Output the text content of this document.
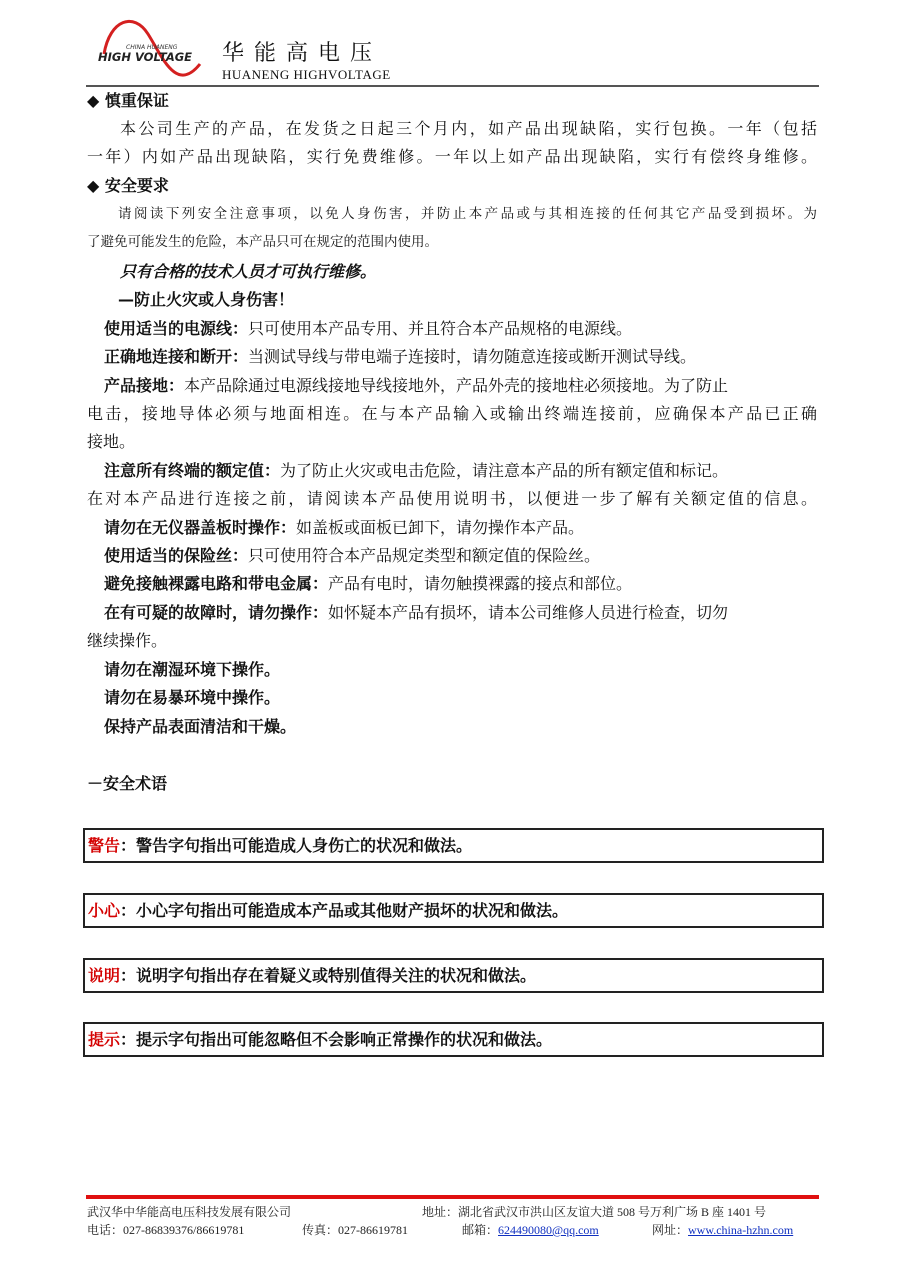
CHINA HUANENG
HIGH VOLTAGE 华能高电压
HUANENG HIGHVOLTAGE
◆ 慎重保证
本公司生产的产品，在发货之日起三个月内，如产品出现缺陷，实行包换。一年（包括
一年）内如产品出现缺陷，实行免费维修。一年以上如产品出现缺陷，实行有偿终身维修。
◆ 安全要求
请阅读下列安全注意事项，以免人身伤害，并防止本产品或与其相连接的任何其它产品受到损坏。为
了避免可能发生的危险，本产品只可在规定的范围内使用。
只有合格的技术人员才可执行维修。
—防止火灾或人身伤害！
使用适当的电源线：只可使用本产品专用、并且符合本产品规格的电源线。
正确地连接和断开：当测试导线与带电端子连接时，请勿随意连接或断开测试导线。
产品接地：本产品除通过电源线接地导线接地外，产品外壳的接地柱必须接地。为了防止
电击，接地导体必须与地面相连。在与本产品输入或输出终端连接前，应确保本产品已正确
接地。
注意所有终端的额定值：为了防止火灾或电击危险，请注意本产品的所有额定值和标记。
在对本产品进行连接之前，请阅读本产品使用说明书，以便进一步了解有关额定值的信息。
请勿在无仪器盖板时操作：如盖板或面板已卸下，请勿操作本产品。
使用适当的保险丝：只可使用符合本产品规定类型和额定值的保险丝。
避免接触裸露电路和带电金属：产品有电时，请勿触摸裸露的接点和部位。
在有可疑的故障时，请勿操作：如怀疑本产品有损坏，请本公司维修人员进行检查，切勿
继续操作。
请勿在潮湿环境下操作。
请勿在易暴环境中操作。
保持产品表面清洁和干燥。
－安全术语
警告：警告字句指出可能造成人身伤亡的状况和做法。
小心：小心字句指出可能造成本产品或其他财产损坏的状况和做法。
说明：说明字句指出存在着疑义或特别值得关注的状况和做法。
提示：提示字句指出可能忽略但不会影响正常操作的状况和做法。
武汉华中华能高电压科技发展有限公司	地址：湖北省武汉市洪山区友谊大道 508 号万利广场 B 座 1401 号
电话：027-86839376/86619781	传真：027-86619781	邮箱：624490080@qq.com	网址：www.china-hzhn.com
